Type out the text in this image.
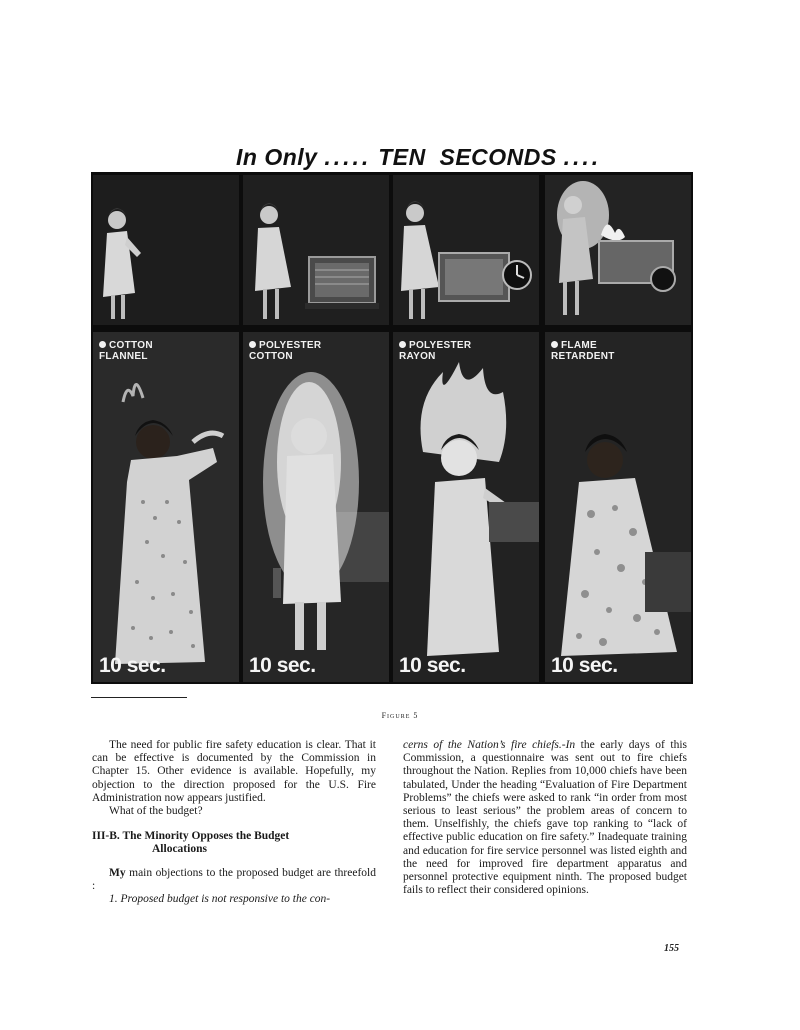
In Only ..... TEN SECONDS ....

COTTON
FLANNEL

10 sec.

POLYESTER
COTTON

10 sec.

POLYESTER
RAYON

10 sec.

FLAME
RETARDENT

10 sec.

Figure 5

The need for public fire safety education is clear. That it can be effective is documented by the Commission in Chapter 15. Other evidence is available. Hopefully, my objection to the direction proposed for the U.S. Fire Administration now appears justified.

What of the budget?

III-B. The Minority Opposes the Budget
Allocations

My main objections to the proposed budget are threefold :

1. Proposed budget is not responsive to the con-

cerns of the Nation’s fire chiefs.-In the early days of this Commission, a questionnaire was sent out to fire chiefs throughout the Nation. Replies from 10,000 chiefs have been tabulated, Under the heading “Evaluation of Fire Department Problems” the chiefs were asked to rank “in order from most serious to least serious” the problem areas of concern to them. Unselfishly, the chiefs gave top ranking to “lack of effective public education on fire safety.” Inadequate training and education for fire service personnel was listed eighth and the need for improved fire department apparatus and personnel protective equipment ninth. The proposed budget fails to reflect their considered opinions.

155
